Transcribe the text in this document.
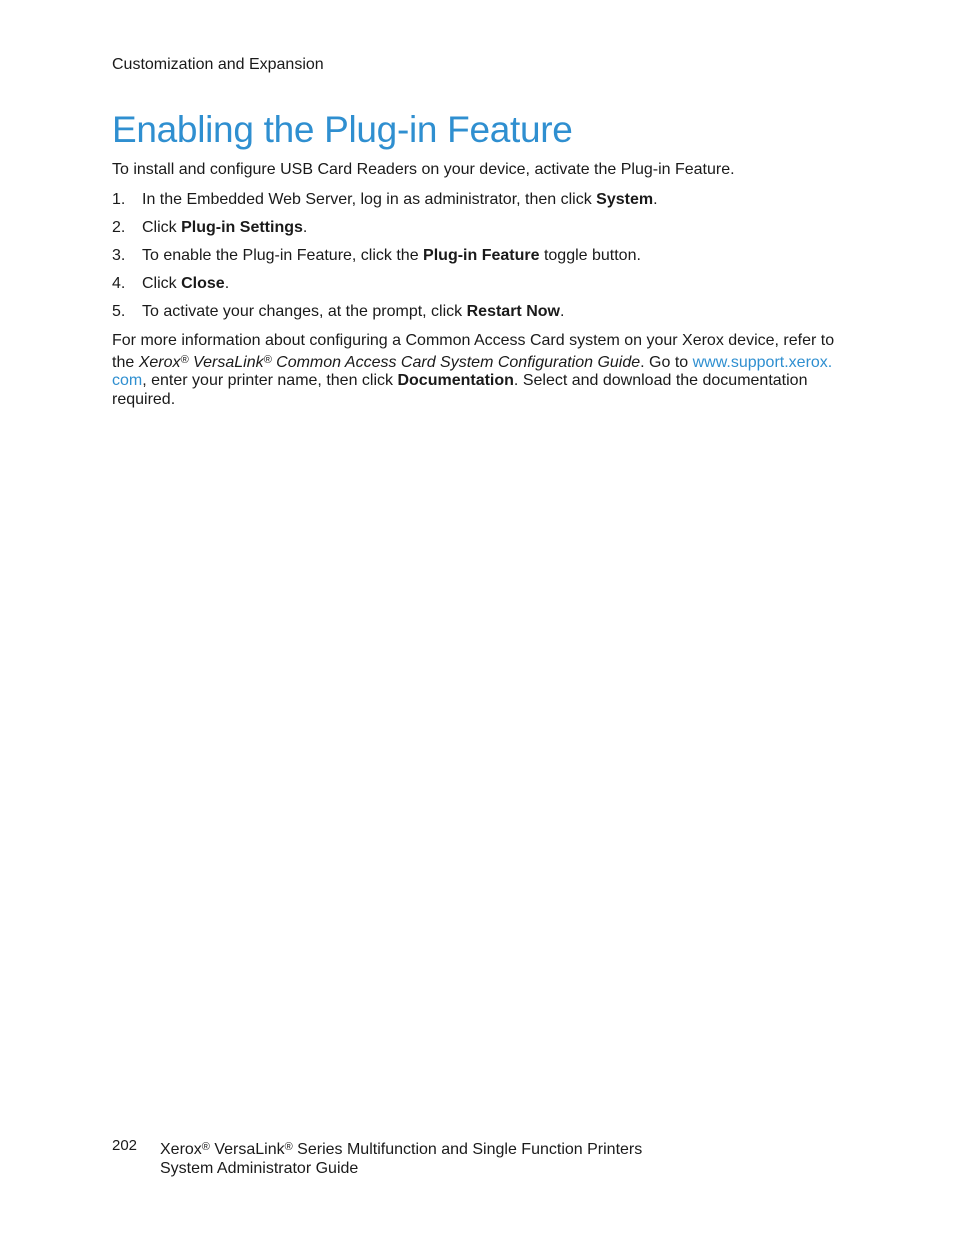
Customization and Expansion
Enabling the Plug-in Feature

To install and configure USB Card Readers on your device, activate the Plug-in Feature.

1. In the Embedded Web Server, log in as administrator, then click System.
2. Click Plug-in Settings.
3. To enable the Plug-in Feature, click the Plug-in Feature toggle button.
4. Click Close.
5. To activate your changes, at the prompt, click Restart Now.

For more information about configuring a Common Access Card system on your Xerox device, refer to the Xerox® VersaLink® Common Access Card System Configuration Guide. Go to www.support.xerox.
com, enter your printer name, then click Documentation. Select and download the documentation required.

202 Xerox® VersaLink® Series Multifunction and Single Function Printers
System Administrator Guide
